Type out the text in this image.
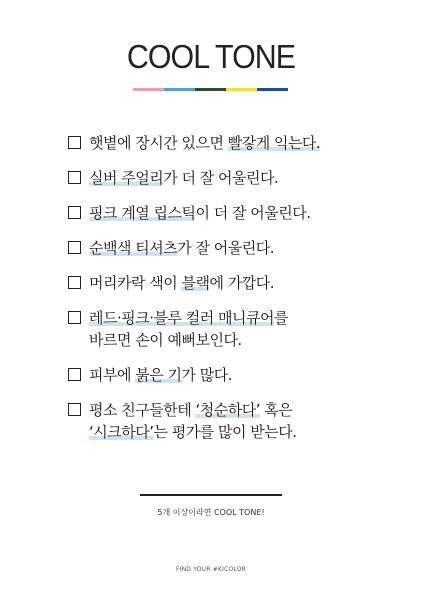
COOL TONE
햇볕에 장시간 있으면 빨갛게 익는다.
실버 주얼리가 더 잘 어울린다.
핑크 계열 립스틱이 더 잘 어울린다.
순백색 티셔츠가 잘 어울린다.
머리카락 색이 블랙에 가깝다.
레드·핑크·블루 컬러 매니큐어를
바르면 손이 예뻐보인다.
피부에 붉은 기가 많다.
평소 친구들한테 ‘청순하다’ 혹은
‘시크하다’는 평가를 많이 받는다.
5개 이상이라면 COOL TONE!
FIND YOUR #KICOLOR
